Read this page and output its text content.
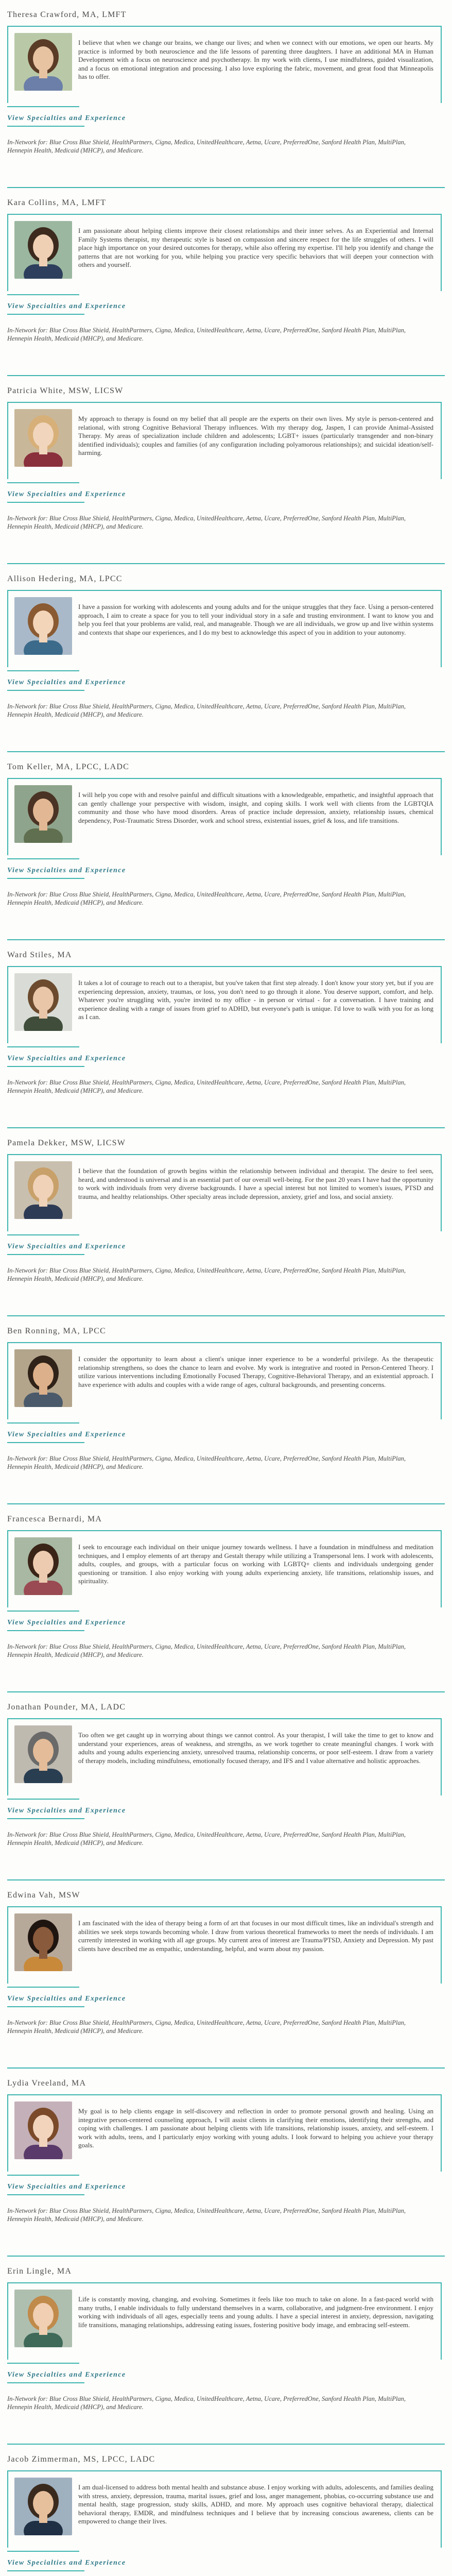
Theresa Crawford, MA, LMFT

I believe that when we change our brains, we change our lives; and when we connect with our emotions, we open our hearts. My practice is informed by both neuroscience and the life lessons of parenting three daughters. I have an additional MA in Human Development with a focus on neuroscience and psychotherapy. In my work with clients, I use mindfulness, guided visualization, and a focus on emotional integration and processing. I also love exploring the fabric, movement, and great food that Minneapolis has to offer.

View Specialties and Experience

In-Network for: Blue Cross Blue Shield, HealthPartners, Cigna, Medica, UnitedHealthcare, Aetna, Ucare, PreferredOne, Sanford Health Plan, MultiPlan, Hennepin Health, Medicaid (MHCP), and Medicare.

Kara Collins, MA, LMFT

I am passionate about helping clients improve their closest relationships and their inner selves. As an Experiential and Internal Family Systems therapist, my therapeutic style is based on compassion and sincere respect for the life struggles of others. I will place high importance on your desired outcomes for therapy, while also offering my expertise. I'll help you identify and change the patterns that are not working for you, while helping you practice very specific behaviors that will deepen your connection with others and yourself.

View Specialties and Experience

In-Network for: Blue Cross Blue Shield, HealthPartners, Cigna, Medica, UnitedHealthcare, Aetna, Ucare, PreferredOne, Sanford Health Plan, MultiPlan, Hennepin Health, Medicaid (MHCP), and Medicare.

Patricia White, MSW, LICSW

My approach to therapy is found on my belief that all people are the experts on their own lives. My style is person-centered and relational, with strong Cognitive Behavioral Therapy influences. With my therapy dog, Jaspen, I can provide Animal-Assisted Therapy. My areas of specialization include children and adolescents; LGBT+ issues (particularly transgender and non-binary identified individuals); couples and families (of any configuration including polyamorous relationships); and suicidal ideation/self-harming.

View Specialties and Experience

In-Network for: Blue Cross Blue Shield, HealthPartners, Cigna, Medica, UnitedHealthcare, Aetna, Ucare, PreferredOne, Sanford Health Plan, MultiPlan, Hennepin Health, Medicaid (MHCP), and Medicare.

Allison Hedering, MA, LPCC

I have a passion for working with adolescents and young adults and for the unique struggles that they face. Using a person-centered approach, I aim to create a space for you to tell your individual story in a safe and trusting environment. I want to know you and help you feel that your problems are valid, real, and manageable. Though we are all individuals, we grow up and live within systems and contexts that shape our experiences, and I do my best to acknowledge this aspect of you in addition to your autonomy.

View Specialties and Experience

In-Network for: Blue Cross Blue Shield, HealthPartners, Cigna, Medica, UnitedHealthcare, Aetna, Ucare, PreferredOne, Sanford Health Plan, MultiPlan, Hennepin Health, Medicaid (MHCP), and Medicare.

Tom Keller, MA, LPCC, LADC

I will help you cope with and resolve painful and difficult situations with a knowledgeable, empathetic, and insightful approach that can gently challenge your perspective with wisdom, insight, and coping skills. I work well with clients from the LGBTQIA community and those who have mood disorders. Areas of practice include depression, anxiety, relationship issues, chemical dependency, Post-Traumatic Stress Disorder, work and school stress, existential issues, grief & loss, and life transitions.

View Specialties and Experience

In-Network for: Blue Cross Blue Shield, HealthPartners, Cigna, Medica, UnitedHealthcare, Aetna, Ucare, PreferredOne, Sanford Health Plan, MultiPlan, Hennepin Health, Medicaid (MHCP), and Medicare.

Ward Stiles, MA

It takes a lot of courage to reach out to a therapist, but you've taken that first step already. I don't know your story yet, but if you are experiencing depression, anxiety, traumas, or loss, you don't need to go through it alone. You deserve support, comfort, and help. Whatever you're struggling with, you're invited to my office - in person or virtual - for a conversation. I have training and experience dealing with a range of issues from grief to ADHD, but everyone's path is unique. I'd love to walk with you for as long as I can.

View Specialties and Experience

In-Network for: Blue Cross Blue Shield, HealthPartners, Cigna, Medica, UnitedHealthcare, Aetna, Ucare, PreferredOne, Sanford Health Plan, MultiPlan, Hennepin Health, Medicaid (MHCP), and Medicare.

Pamela Dekker, MSW, LICSW

I believe that the foundation of growth begins within the relationship between individual and therapist. The desire to feel seen, heard, and understood is universal and is an essential part of our overall well-being. For the past 20 years I have had the opportunity to work with individuals from very diverse backgrounds. I have a special interest but not limited to women's issues, PTSD and trauma, and healthy relationships. Other specialty areas include depression, anxiety, grief and loss, and social anxiety.

View Specialties and Experience

In-Network for: Blue Cross Blue Shield, HealthPartners, Cigna, Medica, UnitedHealthcare, Aetna, Ucare, PreferredOne, Sanford Health Plan, MultiPlan, Hennepin Health, Medicaid (MHCP), and Medicare.

Ben Ronning, MA, LPCC

I consider the opportunity to learn about a client's unique inner experience to be a wonderful privilege. As the therapeutic relationship strengthens, so does the chance to learn and evolve. My work is integrative and rooted in Person-Centered Theory. I utilize various interventions including Emotionally Focused Therapy, Cognitive-Behavioral Therapy, and an existential approach. I have experience with adults and couples with a wide range of ages, cultural backgrounds, and presenting concerns.

View Specialties and Experience

In-Network for: Blue Cross Blue Shield, HealthPartners, Cigna, Medica, UnitedHealthcare, Aetna, Ucare, PreferredOne, Sanford Health Plan, MultiPlan, Hennepin Health, Medicaid (MHCP), and Medicare.

Francesca Bernardi, MA

I seek to encourage each individual on their unique journey towards wellness. I have a foundation in mindfulness and meditation techniques, and I employ elements of art therapy and Gestalt therapy while utilizing a Transpersonal lens. I work with adolescents, adults, couples, and groups, with a particular focus on working with LGBTQ+ clients and individuals undergoing gender questioning or transition. I also enjoy working with young adults experiencing anxiety, life transitions, relationship issues, and spirituality.

View Specialties and Experience

In-Network for: Blue Cross Blue Shield, HealthPartners, Cigna, Medica, UnitedHealthcare, Aetna, Ucare, PreferredOne, Sanford Health Plan, MultiPlan, Hennepin Health, Medicaid (MHCP), and Medicare.

Jonathan Pounder, MA, LADC

Too often we get caught up in worrying about things we cannot control. As your therapist, I will take the time to get to know and understand your experiences, areas of weakness, and strengths, as we work together to create meaningful changes. I work with adults and young adults experiencing anxiety, unresolved trauma, relationship concerns, or poor self-esteem. I draw from a variety of therapy models, including mindfulness, emotionally focused therapy, and IFS and I value alternative and holistic approaches.

View Specialties and Experience

In-Network for: Blue Cross Blue Shield, HealthPartners, Cigna, Medica, UnitedHealthcare, Aetna, Ucare, PreferredOne, Sanford Health Plan, MultiPlan, Hennepin Health, Medicaid (MHCP), and Medicare.

Edwina Vah, MSW

I am fascinated with the idea of therapy being a form of art that focuses in our most difficult times, like an individual's strength and abilities we seek steps towards becoming whole. I draw from various theoretical frameworks to meet the needs of individuals. I am currently interested in working with all age groups. My current area of interest are Trauma/PTSD, Anxiety and Depression. My past clients have described me as empathic, understanding, helpful, and warm about my passion.

View Specialties and Experience

In-Network for: Blue Cross Blue Shield, HealthPartners, Cigna, Medica, UnitedHealthcare, Aetna, Ucare, PreferredOne, Sanford Health Plan, MultiPlan, Hennepin Health, Medicaid (MHCP), and Medicare.

Lydia Vreeland, MA

My goal is to help clients engage in self-discovery and reflection in order to promote personal growth and healing. Using an integrative person-centered counseling approach, I will assist clients in clarifying their emotions, identifying their strengths, and coping with challenges. I am passionate about helping clients with life transitions, relationship issues, anxiety, and self-esteem. I work with adults, teens, and I particularly enjoy working with young adults. I look forward to helping you achieve your therapy goals.

View Specialties and Experience

In-Network for: Blue Cross Blue Shield, HealthPartners, Cigna, Medica, UnitedHealthcare, Aetna, Ucare, PreferredOne, Sanford Health Plan, MultiPlan, Hennepin Health, Medicaid (MHCP), and Medicare.

Erin Lingle, MA

Life is constantly moving, changing, and evolving. Sometimes it feels like too much to take on alone. In a fast-paced world with many truths, I enable individuals to fully understand themselves in a warm, collaborative, and judgment-free environment. I enjoy working with individuals of all ages, especially teens and young adults. I have a special interest in anxiety, depression, navigating life transitions, managing relationships, addressing eating issues, fostering positive body image, and embracing self-esteem.

View Specialties and Experience

In-Network for: Blue Cross Blue Shield, HealthPartners, Cigna, Medica, UnitedHealthcare, Aetna, Ucare, PreferredOne, Sanford Health Plan, MultiPlan, Hennepin Health, Medicaid (MHCP), and Medicare.

Jacob Zimmerman, MS, LPCC, LADC

I am dual-licensed to address both mental health and substance abuse. I enjoy working with adults, adolescents, and families dealing with stress, anxiety, depression, trauma, marital issues, grief and loss, anger management, phobias, co-occurring substance use and mental health, stage progression, study skills, ADHD, and more. My approach uses cognitive behavioral therapy, dialectical behavioral therapy, EMDR, and mindfulness techniques and I believe that by increasing conscious awareness, clients can be empowered to change their lives.

View Specialties and Experience
